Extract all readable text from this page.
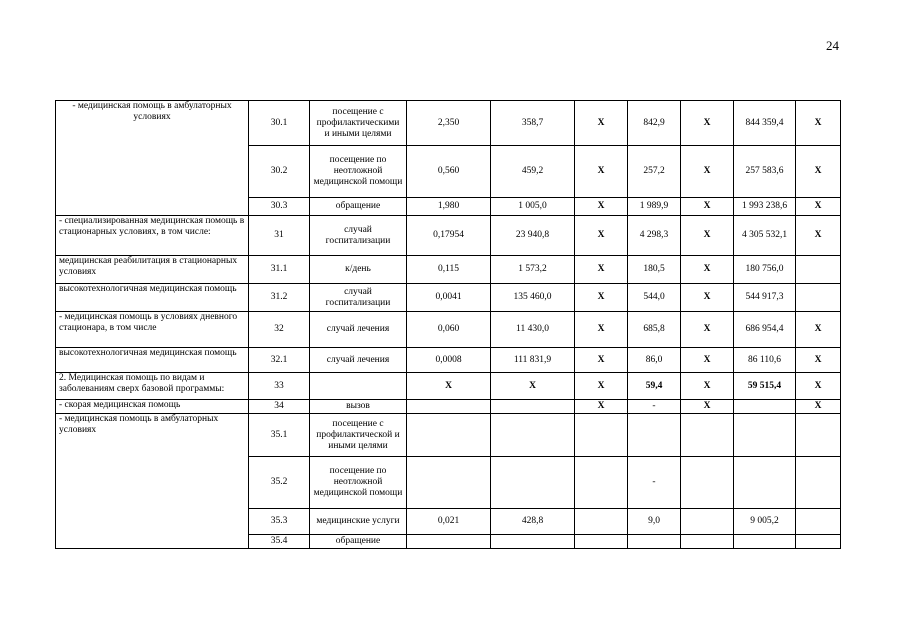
24
- медицинская помощь в амбулаторных условиях	30.1	посещение с профилактическими и иными целями	2,350	358,7	X	842,9	X	844 359,4	X
	30.2	посещение по неотложной медицинской помощи	0,560	459,2	X	257,2	X	257 583,6	X
	30.3	обращение	1,980	1 005,0	X	1 989,9	X	1 993 238,6	X
- специализированная медицинская помощь в стационарных условиях, в том числе:	31	случай госпитализации	0,17954	23 940,8	X	4 298,3	X	4 305 532,1	X
медицинская реабилитация в стационарных условиях	31.1	к/день	0,115	1 573,2	X	180,5	X	180 756,0	
высокотехнологичная медицинская помощь	31.2	случай госпитализации	0,0041	135 460,0	X	544,0	X	544 917,3	
- медицинская помощь в условиях дневного стационара, в том числе	32	случай лечения	0,060	11 430,0	X	685,8	X	686 954,4	X
высокотехнологичная медицинская помощь	32.1	случай лечения	0,0008	111 831,9	X	86,0	X	86 110,6	X
2. Медицинская помощь по видам и заболеваниям сверх базовой программы:	33		X	X	X	59,4	X	59 515,4	X
- скорая медицинская помощь	34	вызов			X	-	X		X
- медицинская помощь в амбулаторных условиях	35.1	посещение с профилактической и иными целями							
	35.2	посещение по неотложной медицинской помощи				-			
	35.3	медицинские услуги	0,021	428,8		9,0		9 005,2	
	35.4	обращение							
